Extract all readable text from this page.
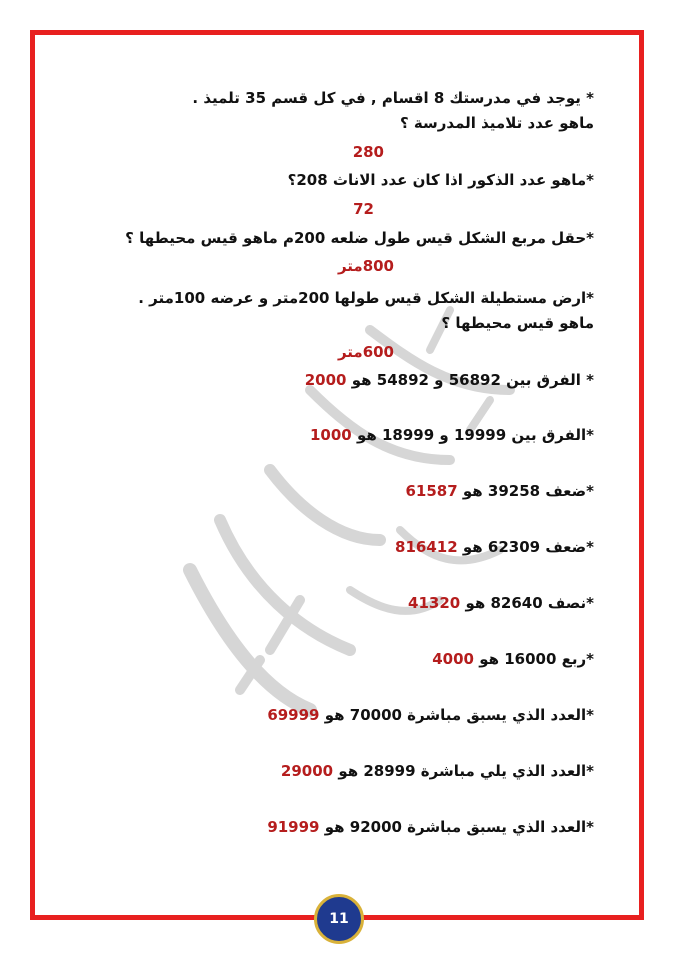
* يوجد في مدرستك 8 اقسام , في كل قسم 35 تلميذ .
ماهو عدد تلاميذ المدرسة ؟
280
*ماهو عدد الذكور اذا كان عدد الاناث 208؟
72
*حقل مربع الشكل قيس طول ضلعه 200م ماهو قيس محيطها ؟
800متر
*ارض مستطيلة الشكل قيس طولها 200متر و عرضه 100متر .
ماهو قيس محيطها ؟
600متر
* الفرق بين 56892 و 54892 هو 2000
*الفرق بين 19999 و 18999 هو 1000
*ضعف 39258 هو 61587
*ضعف 62309 هو 816412
*نصف 82640 هو 41320
*ربع 16000 هو 4000
*العدد الذي يسبق مباشرة 70000 هو 69999
*العدد الذي يلي مباشرة 28999 هو 29000
*العدد الذي يسبق مباشرة 92000 هو 91999
11
